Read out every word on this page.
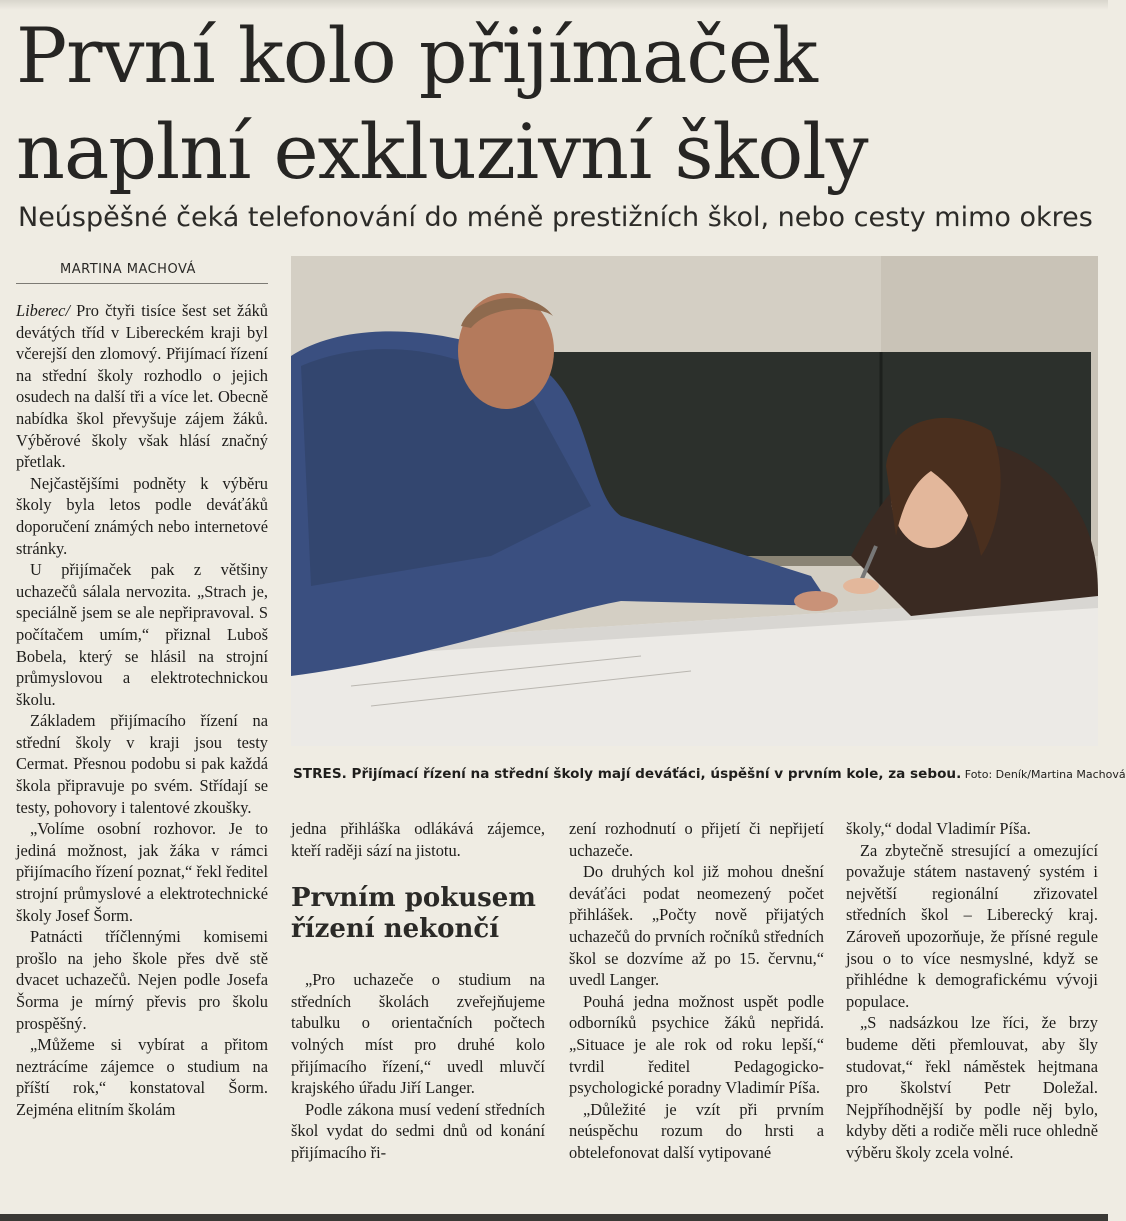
První kolo přijímaček
naplní exkluzivní školy

Neúspěšné čeká telefonování do méně prestižních škol, nebo cesty mimo okres

MARTINA MACHOVÁ

Liberec/ Pro čtyři tisíce šest set žáků devátých tříd v Libereckém kraji byl včerejší den zlomový. Přijímací řízení na střední školy rozhodlo o jejich osudech na další tři a více let. Obecně nabídka škol převyšuje zájem žáků. Výběrové školy však hlásí značný přetlak.

Nejčastějšími podněty k výběru školy byla letos podle deváťáků doporučení známých nebo internetové stránky.

U přijímaček pak z většiny uchazečů sálala nervozita. „Strach je, speciálně jsem se ale nepřipravoval. S počítačem umím,“ přiznal Luboš Bobela, který se hlásil na strojní průmyslovou a elektrotechnickou školu.

Základem přijímacího řízení na střední školy v kraji jsou testy Cermat. Přesnou podobu si pak každá škola připravuje po svém. Střídají se testy, pohovory i talentové zkoušky.

„Volíme osobní rozhovor. Je to jediná možnost, jak žáka v rámci přijímacího řízení poznat,“ řekl ředitel strojní průmyslové a elektrotechnické školy Josef Šorm.

Patnácti tříčlennými komisemi prošlo na jeho škole přes dvě stě dvacet uchazečů. Nejen podle Josefa Šorma je mírný převis pro školu prospěšný.

„Můžeme si vybírat a přitom neztrácíme zájemce o studium na příští rok,“ konstatoval Šorm. Zejména elitním školám

STRES. Přijímací řízení na střední školy mají deváťáci, úspěšní v prvním kole, za sebou. Foto: Deník/Martina Machová

jedna přihláška odlákává zájemce, kteří raději sází na jistotu.

Prvním pokusem řízení nekončí

„Pro uchazeče o studium na středních školách zveřejňujeme tabulku o orientačních počtech volných míst pro druhé kolo přijímacího řízení,“ uvedl mluvčí krajského úřadu Jiří Langer.

Podle zákona musí vedení středních škol vydat do sedmi dnů od konání přijímacího ři-

zení rozhodnutí o přijetí či nepřijetí uchazeče.

Do druhých kol již mohou dnešní deváťáci podat neomezený počet přihlášek. „Počty nově přijatých uchazečů do prvních ročníků středních škol se dozvíme až po 15. červnu,“ uvedl Langer.

Pouhá jedna možnost uspět podle odborníků psychice žáků nepřidá. „Situace je ale rok od roku lepší,“ tvrdil ředitel Pedagogicko-psychologické poradny Vladimír Píša.

„Důležité je vzít při prvním neúspěchu rozum do hrsti a obtelefonovat další vytipované

školy,“ dodal Vladimír Píša.

Za zbytečně stresující a omezující považuje státem nastavený systém i největší regionální zřizovatel středních škol – Liberecký kraj. Zároveň upozorňuje, že přísné regule jsou o to více nesmyslné, když se přihlédne k demografickému vývoji populace.

„S nadsázkou lze říci, že brzy budeme děti přemlouvat, aby šly studovat,“ řekl náměstek hejtmana pro školství Petr Doležal. Nejpříhodnější by podle něj bylo, kdyby děti a rodiče měli ruce ohledně výběru školy zcela volné.
